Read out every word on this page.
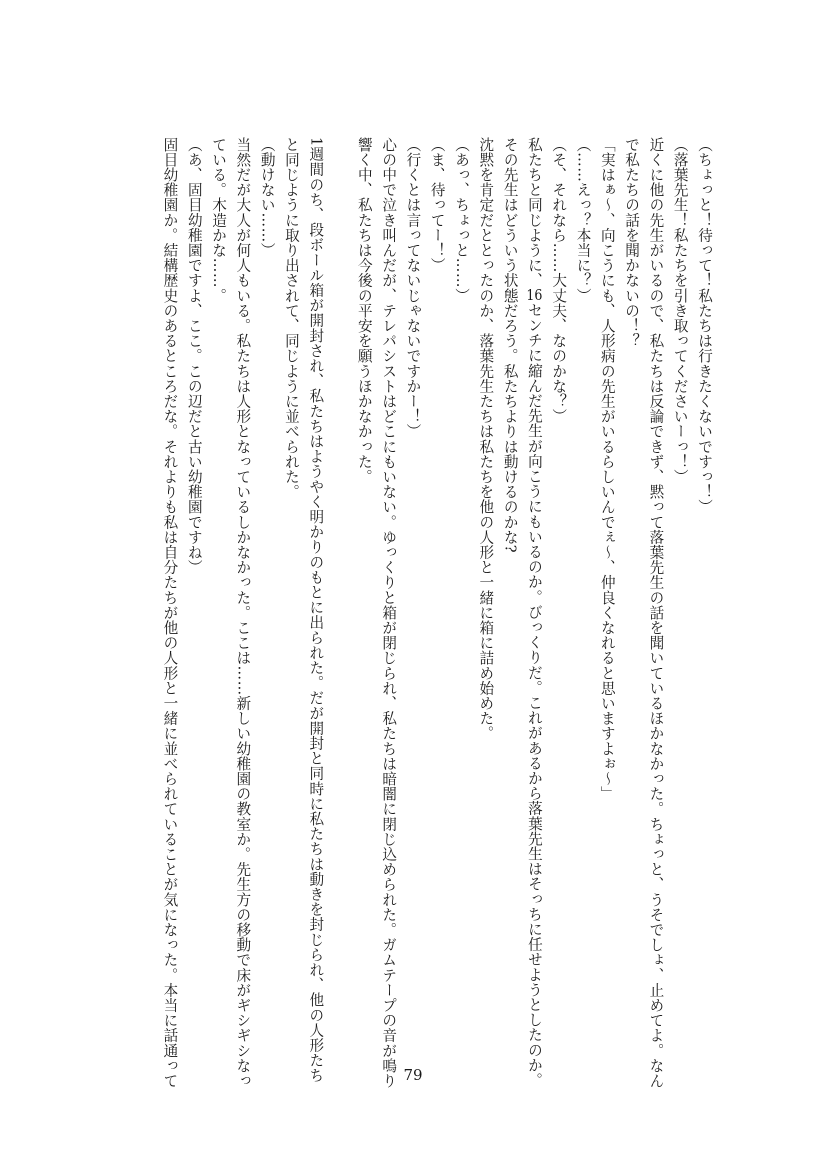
（ちょっと！待って！私たちは行きたくないですっ！）
（落葉先生！私たちを引き取ってくださいーっ！）
近くに他の先生がいるので、私たちは反論できず、黙って落葉先生の話を聞いているほかなかった。ちょっと、うそでしょ、止めてよ。なん
で私たちの話を聞かないの！？
「実はぁ〜、向こうにも、人形病の先生がいるらしいんでぇ〜、仲良くなれると思いますよぉ〜」
（……えっ？本当に？）
（そ、それなら……大丈夫、なのかな？）
私たちと同じように、16センチに縮んだ先生が向こうにもいるのか。びっくりだ。これがあるから落葉先生はそっちに任せようとしたのか。
その先生はどういう状態だろう。私たちよりは動けるのかな?
沈黙を肯定だととったのか、落葉先生たちは私たちを他の人形と一緒に箱に詰め始めた。
（あっ、ちょっと……）
（ま、待ってー！）
（行くとは言ってないじゃないですかー！）
心の中で泣き叫んだが、テレパシストはどこにもいない。ゆっくりと箱が閉じられ、私たちは暗闇に閉じ込められた。ガムテープの音が鳴り
響く中、私たちは今後の平安を願うほかなかった。
1週間のち、段ボール箱が開封され、私たちはようやく明かりのもとに出られた。だが開封と同時に私たちは動きを封じられ、他の人形たち
と同じように取り出されて、同じように並べられた。
（動けない……）
当然だが大人が何人もいる。私たちは人形となっているしかなかった。ここは……新しい幼稚園の教室か。先生方の移動で床がギシギシなっ
ている。木造かな……。
（あ、固目幼稚園ですよ、ここ。この辺だと古い幼稚園ですね）
固目幼稚園か。結構歴史のあるところだな。それよりも私は自分たちが他の人形と一緒に並べられていることが気になった。本当に話通って	79
